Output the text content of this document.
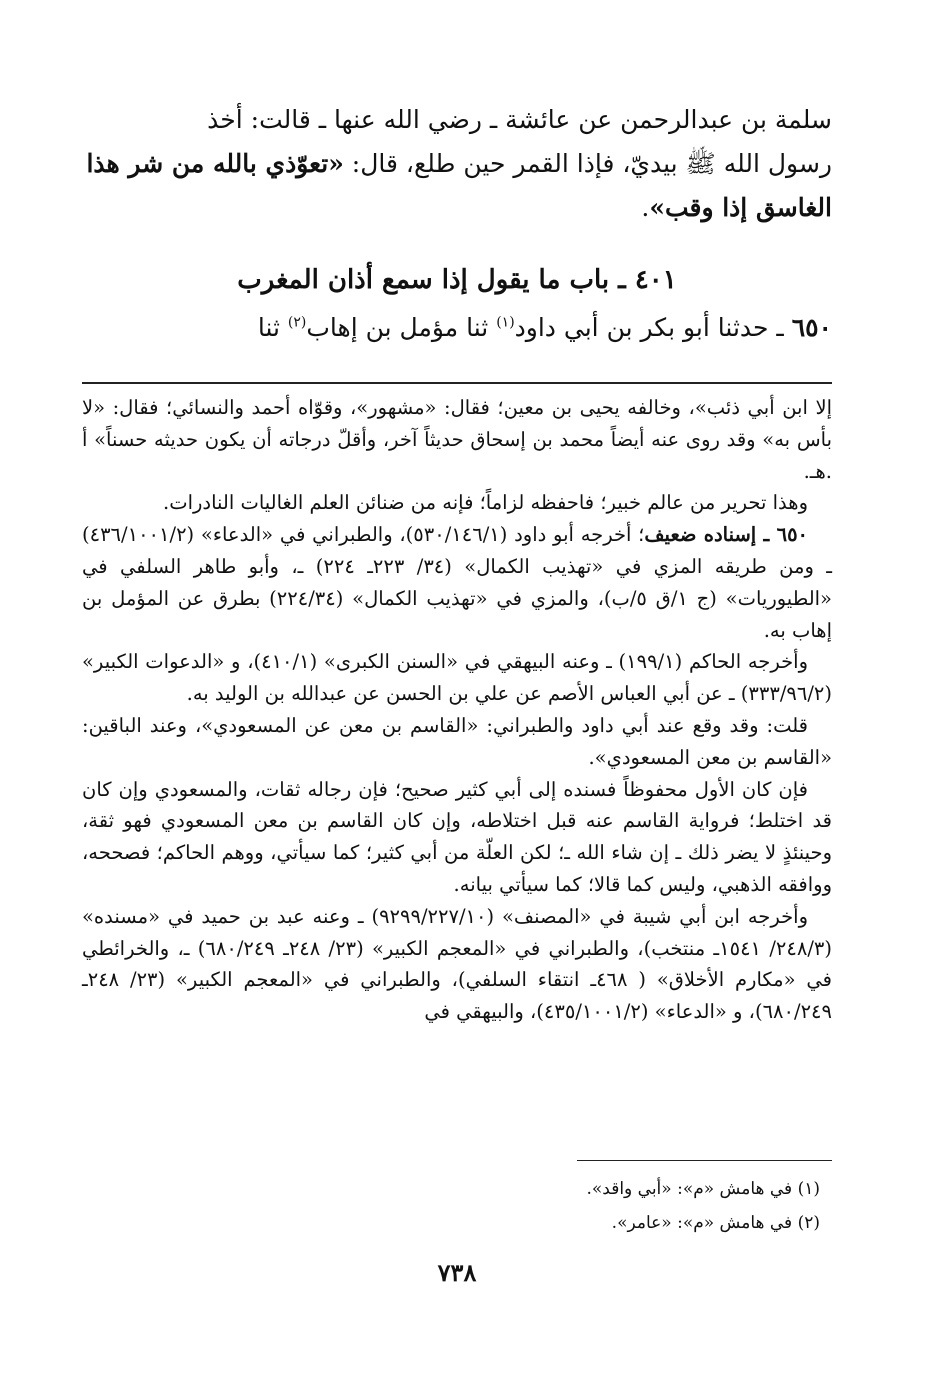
سلمة بن عبدالرحمن عن عائشة ـ رضي الله عنها ـ قالت: أخذ

رسول الله ﷺ بيديّ، فإذا القمر حين طلع، قال: «تعوّذي بالله من شر هذا

الغاسق إذا وقب».

٤٠١ ـ باب ما يقول إذا سمع أذان المغرب
٦٥٠ ـ حدثنا أبو بكر بن أبي داود$^{(١)}$ ثنا مؤمل بن إهاب$^{(٢)}$ ثنا

إلا ابن أبي ذئب»، وخالفه يحيى بن معين؛ فقال: «مشهور»، وقوّاه أحمد والنسائي؛ فقال: «لا بأس به» وقد روى عنه أيضاً محمد بن إسحاق حديثاً آخر، وأقلّ درجاته أن يكون حديثه حسناً» أ .هـ.

وهذا تحرير من عالم خبير؛ فاحفظه لزاماً؛ فإنه من ضنائن العلم الغاليات النادرات.

٦٥٠ ـ إسناده ضعيف؛ أخرجه أبو داود (٥٣٠/١٤٦/١)، والطبراني في «الدعاء» (٤٣٦/١٠٠١/٢) ـ ومن طريقه المزي في «تهذيب الكمال» (٣٤/ ٢٢٣ـ ٢٢٤) ـ، وأبو طاهر السلفي في «الطيوريات» (ج ١/ق ٥/ب)، والمزي في «تهذيب الكمال» (٢٢٤/٣٤) بطرق عن المؤمل بن إهاب به.

وأخرجه الحاكم (١٩٩/١) ـ وعنه البيهقي في «السنن الكبرى» (٤١٠/١)، و «الدعوات الكبير» (٣٣٣/٩٦/٢) ـ عن أبي العباس الأصم عن علي بن الحسن عن عبدالله بن الوليد به.

قلت: وقد وقع عند أبي داود والطبراني: «القاسم بن معن عن المسعودي»، وعند الباقين: «القاسم بن معن المسعودي».

فإن كان الأول محفوظاً فسنده إلى أبي كثير صحيح؛ فإن رجاله ثقات، والمسعودي وإن كان قد اختلط؛ فرواية القاسم عنه قبل اختلاطه، وإن كان القاسم بن معن المسعودي فهو ثقة، وحينئذٍ لا يضر ذلك ـ إن شاء الله ـ؛ لكن العلّة من أبي كثير؛ كما سيأتي، ووهم الحاكم؛ فصححه، ووافقه الذهبي، وليس كما قالا؛ كما سيأتي بيانه.

وأخرجه ابن أبي شيبة في «المصنف» (٩٢٩٩/٢٢٧/١٠) ـ وعنه عبد بن حميد في «مسنده» (٢٤٨/٣/ ١٥٤١ـ منتخب)، والطبراني في «المعجم الكبير» (٢٣/ ٢٤٨ـ ٦٨٠/٢٤٩) ـ، والخرائطي في «مكارم الأخلاق» ( ٤٦٨ـ انتقاء السلفي)، والطبراني في «المعجم الكبير» (٢٣/ ٢٤٨ـ ٦٨٠/٢٤٩)، و «الدعاء» (٤٣٥/١٠٠١/٢)، والبيهقي في

(١) في هامش «م»: «أبي واقد».
(٢) في هامش «م»: «عامر».
٧٣٨
